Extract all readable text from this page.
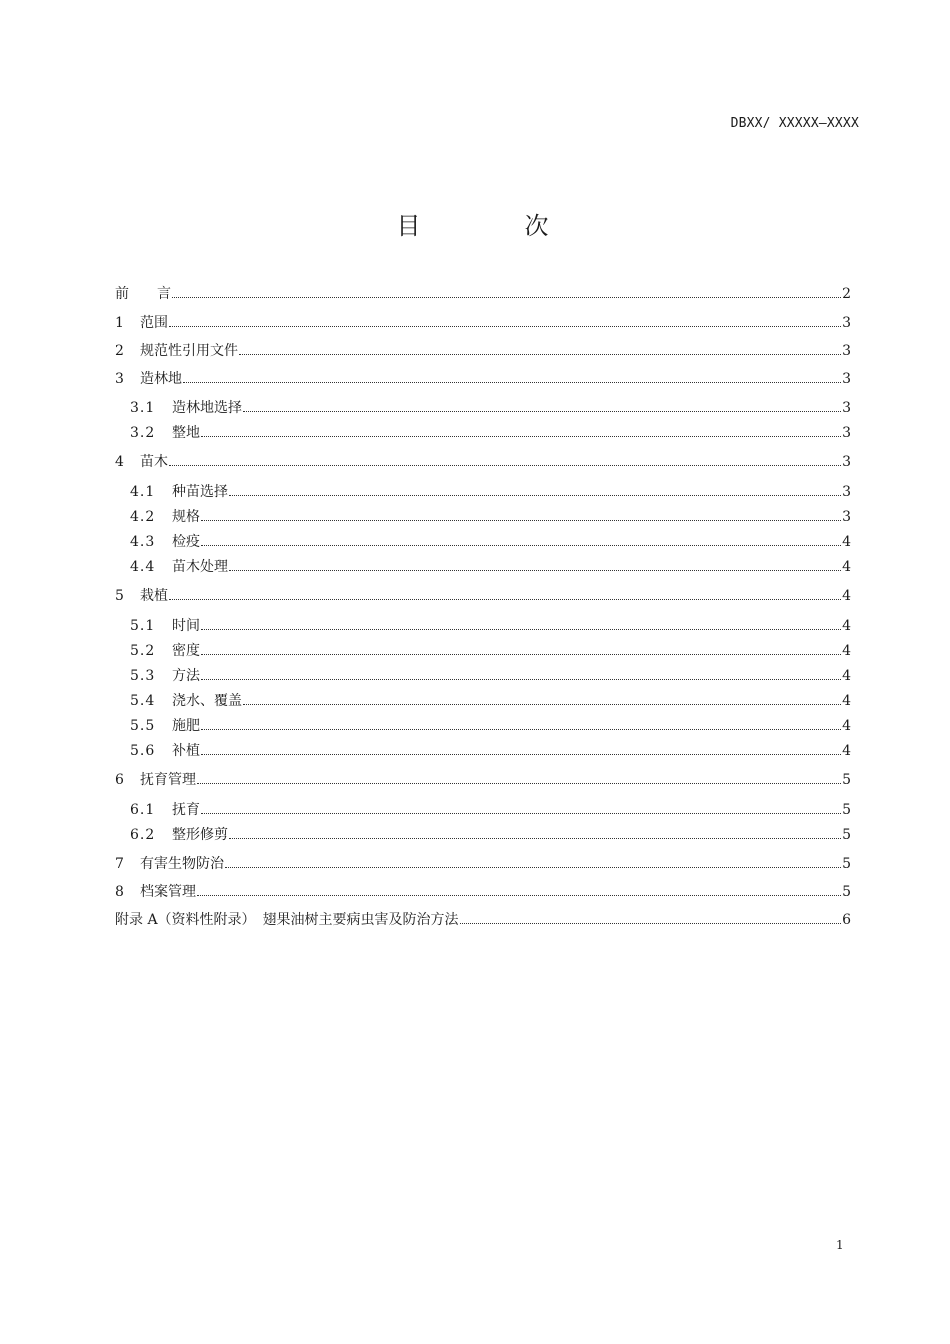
DBXX/ XXXXX—XXXX
目　次
前　　言	2
1	范围	3
2	规范性引用文件	3
3	造林地	3
3.1	造林地选择	3
3.2	整地	3
4	苗木	3
4.1	种苗选择	3
4.2	规格	3
4.3	检疫	4
4.4	苗木处理	4
5	栽植	4
5.1	时间	4
5.2	密度	4
5.3	方法	4
5.4	浇水、覆盖	4
5.5	施肥	4
5.6	补植	4
6	抚育管理	5
6.1	抚育	5
6.2	整形修剪	5
7	有害生物防治	5
8	档案管理	5
附录 A（资料性附录）　翅果油树主要病虫害及防治方法	6
1
